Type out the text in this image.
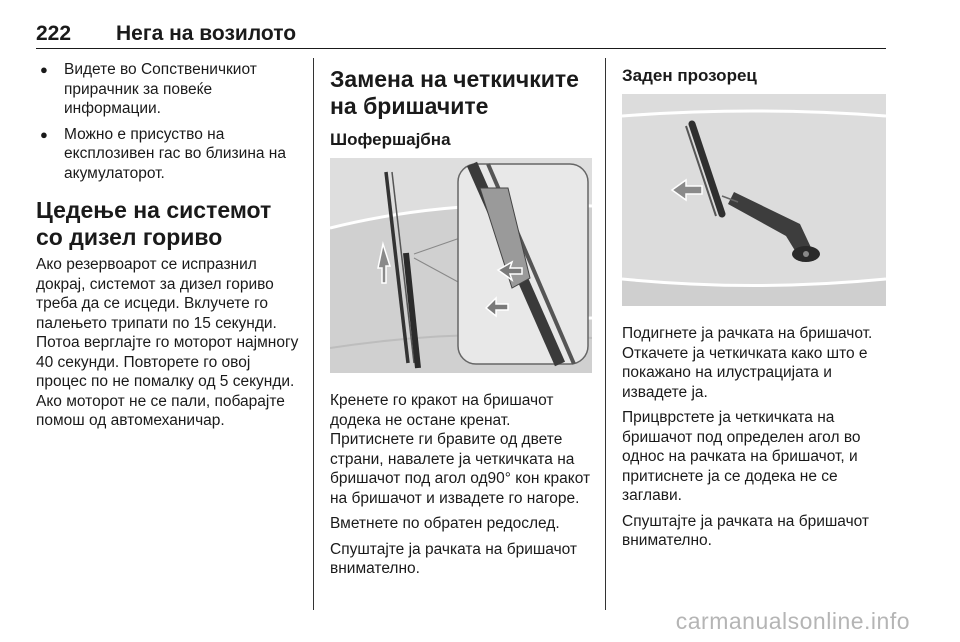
222 Нега на возилото
● Видете во Сопственичкиот прирачник за повеќе информации.
● Можно е присуство на експлозивен гас во близина на акумулаторот.
Цедење на системот со дизел гориво

Ако резервоарот се испразнил докрај, системот за дизел гориво треба да се исцеди. Вклучете го палењето трипати по 15 секунди. Потоа верглајте го моторот најмногу 40 секунди. Повторете го овој процес по не помалку од 5 секунди. Ако моторот не се пали, побарајте помош од автомеханичар.

Замена на четкичките на бришачите
Шофершајбна

Кренете го кракот на бришачот додека не остане кренат. Притиснете ги бравите од двете страни, навалете ја четкичката на бришачот под агол од90° кон кракот на бришачот и извадете го нагоре.

Вметнете по обратен редослед.

Спуштајте ја рачката на бришачот внимателно.

Заден прозорец

Подигнете ја рачката на бришачот. Откачете ја четкичката како што е покажано на илустрацијата и извадете ја.

Прицврстете ја четкичката на бришачот под определен агол во однос на рачката на бришачот, и притиснете ја се додека не се заглави.

Спуштајте ја рачката на бришачот внимателно.

carmanualsonline.info
